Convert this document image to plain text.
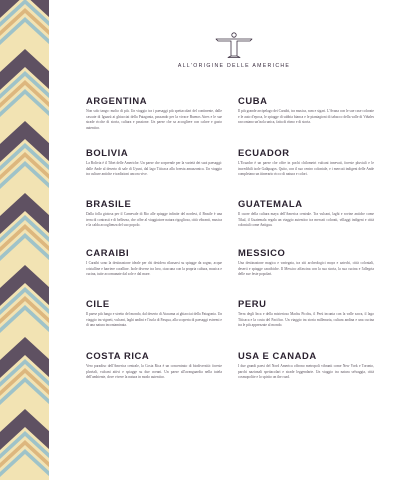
ALL'ORIGINE DELLE AMERICHE
ARGENTINA

Non solo tango: molto di più. Un viaggio tra i paesaggi più spettacolari del continente, dalle cascate di Iguazú ai ghiacciai della Patagonia, passando per la vivace Buenos Aires e le sue strade ricche di storia, cultura e passione. Un paese che sa accogliere con calore e gusto autentico.

CUBA

Il più grande arcipelago dei Caraibi, tra musica, rum e sigari. L'Avana con le sue case colorate e le auto d'epoca, le spiagge di sabbia bianca e le piantagioni di tabacco della valle di Viñales raccontano un'isola unica, fatta di ritmo e di storia.

BOLIVIA

La Bolivia è il Tibet delle Americhe. Un paese che sorprende per la varietà dei suoi paesaggi: dalle Ande al deserto di sale di Uyuni, dal lago Titicaca alla foresta amazzonica. Un viaggio tra culture antiche e tradizioni ancora vive.

ECUADOR

L'Ecuador è un paese che offre in pochi chilometri vulcani innevati, foreste pluviali e le incredibili isole Galápagos. Quito, con il suo centro coloniale, e i mercati indigeni delle Ande completano un itinerario ricco di natura e colori.

BRASILE

Dalla folla gioiosa per il Carnevale di Rio alle spiagge infinite del nordest, il Brasile è una terra di contrasti e di bellezza, che offre al viaggiatore natura rigogliosa, città vibranti, musica e la calda accoglienza del suo popolo.

GUATEMALA

Il cuore della cultura maya dell'America centrale. Tra vulcani, laghi e rovine antiche come Tikal, il Guatemala regala un viaggio autentico tra mercati colorati, villaggi indigeni e città coloniali come Antigua.

CARAIBI

I Caraibi sono la destinazione ideale per chi desidera rilassarsi su spiagge da sogno, acque cristalline e barriere coralline. Isole diverse tra loro, ciascuna con la propria cultura, musica e cucina, tutte accomunate dal sole e dal mare.

MESSICO

Una destinazione magica e variegata, tra siti archeologici maya e aztechi, città coloniali, deserti e spiagge caraibiche. Il Messico affascina con la sua storia, la sua cucina e l'allegria delle sue feste popolari.

CILE

Il paese più lungo e stretto del mondo, dal deserto di Atacama ai ghiacciai della Patagonia. Un viaggio tra vigneti, vulcani, laghi andini e l'isola di Pasqua, alla scoperta di paesaggi estremi e di una natura incontaminata.

PERU

Terra degli Inca e della misteriosa Machu Picchu, il Perù incanta con la valle sacra, il lago Titicaca e la costa del Pacifico. Un viaggio tra storia millenaria, cultura andina e una cucina tra le più apprezzate al mondo.

COSTA RICA

Vero paradiso dell'America centrale, la Costa Rica è un concentrato di biodiversità: foreste pluviali, vulcani attivi e spiagge su due oceani. Un paese all'avanguardia nella tutela dell'ambiente, dove vivere la natura in modo autentico.

USA E CANADA

I due grandi paesi del Nord America offrono metropoli vibranti come New York e Toronto, parchi nazionali spettacolari e strade leggendarie. Un viaggio tra natura selvaggia, città cosmopolite e lo spirito on the road.
